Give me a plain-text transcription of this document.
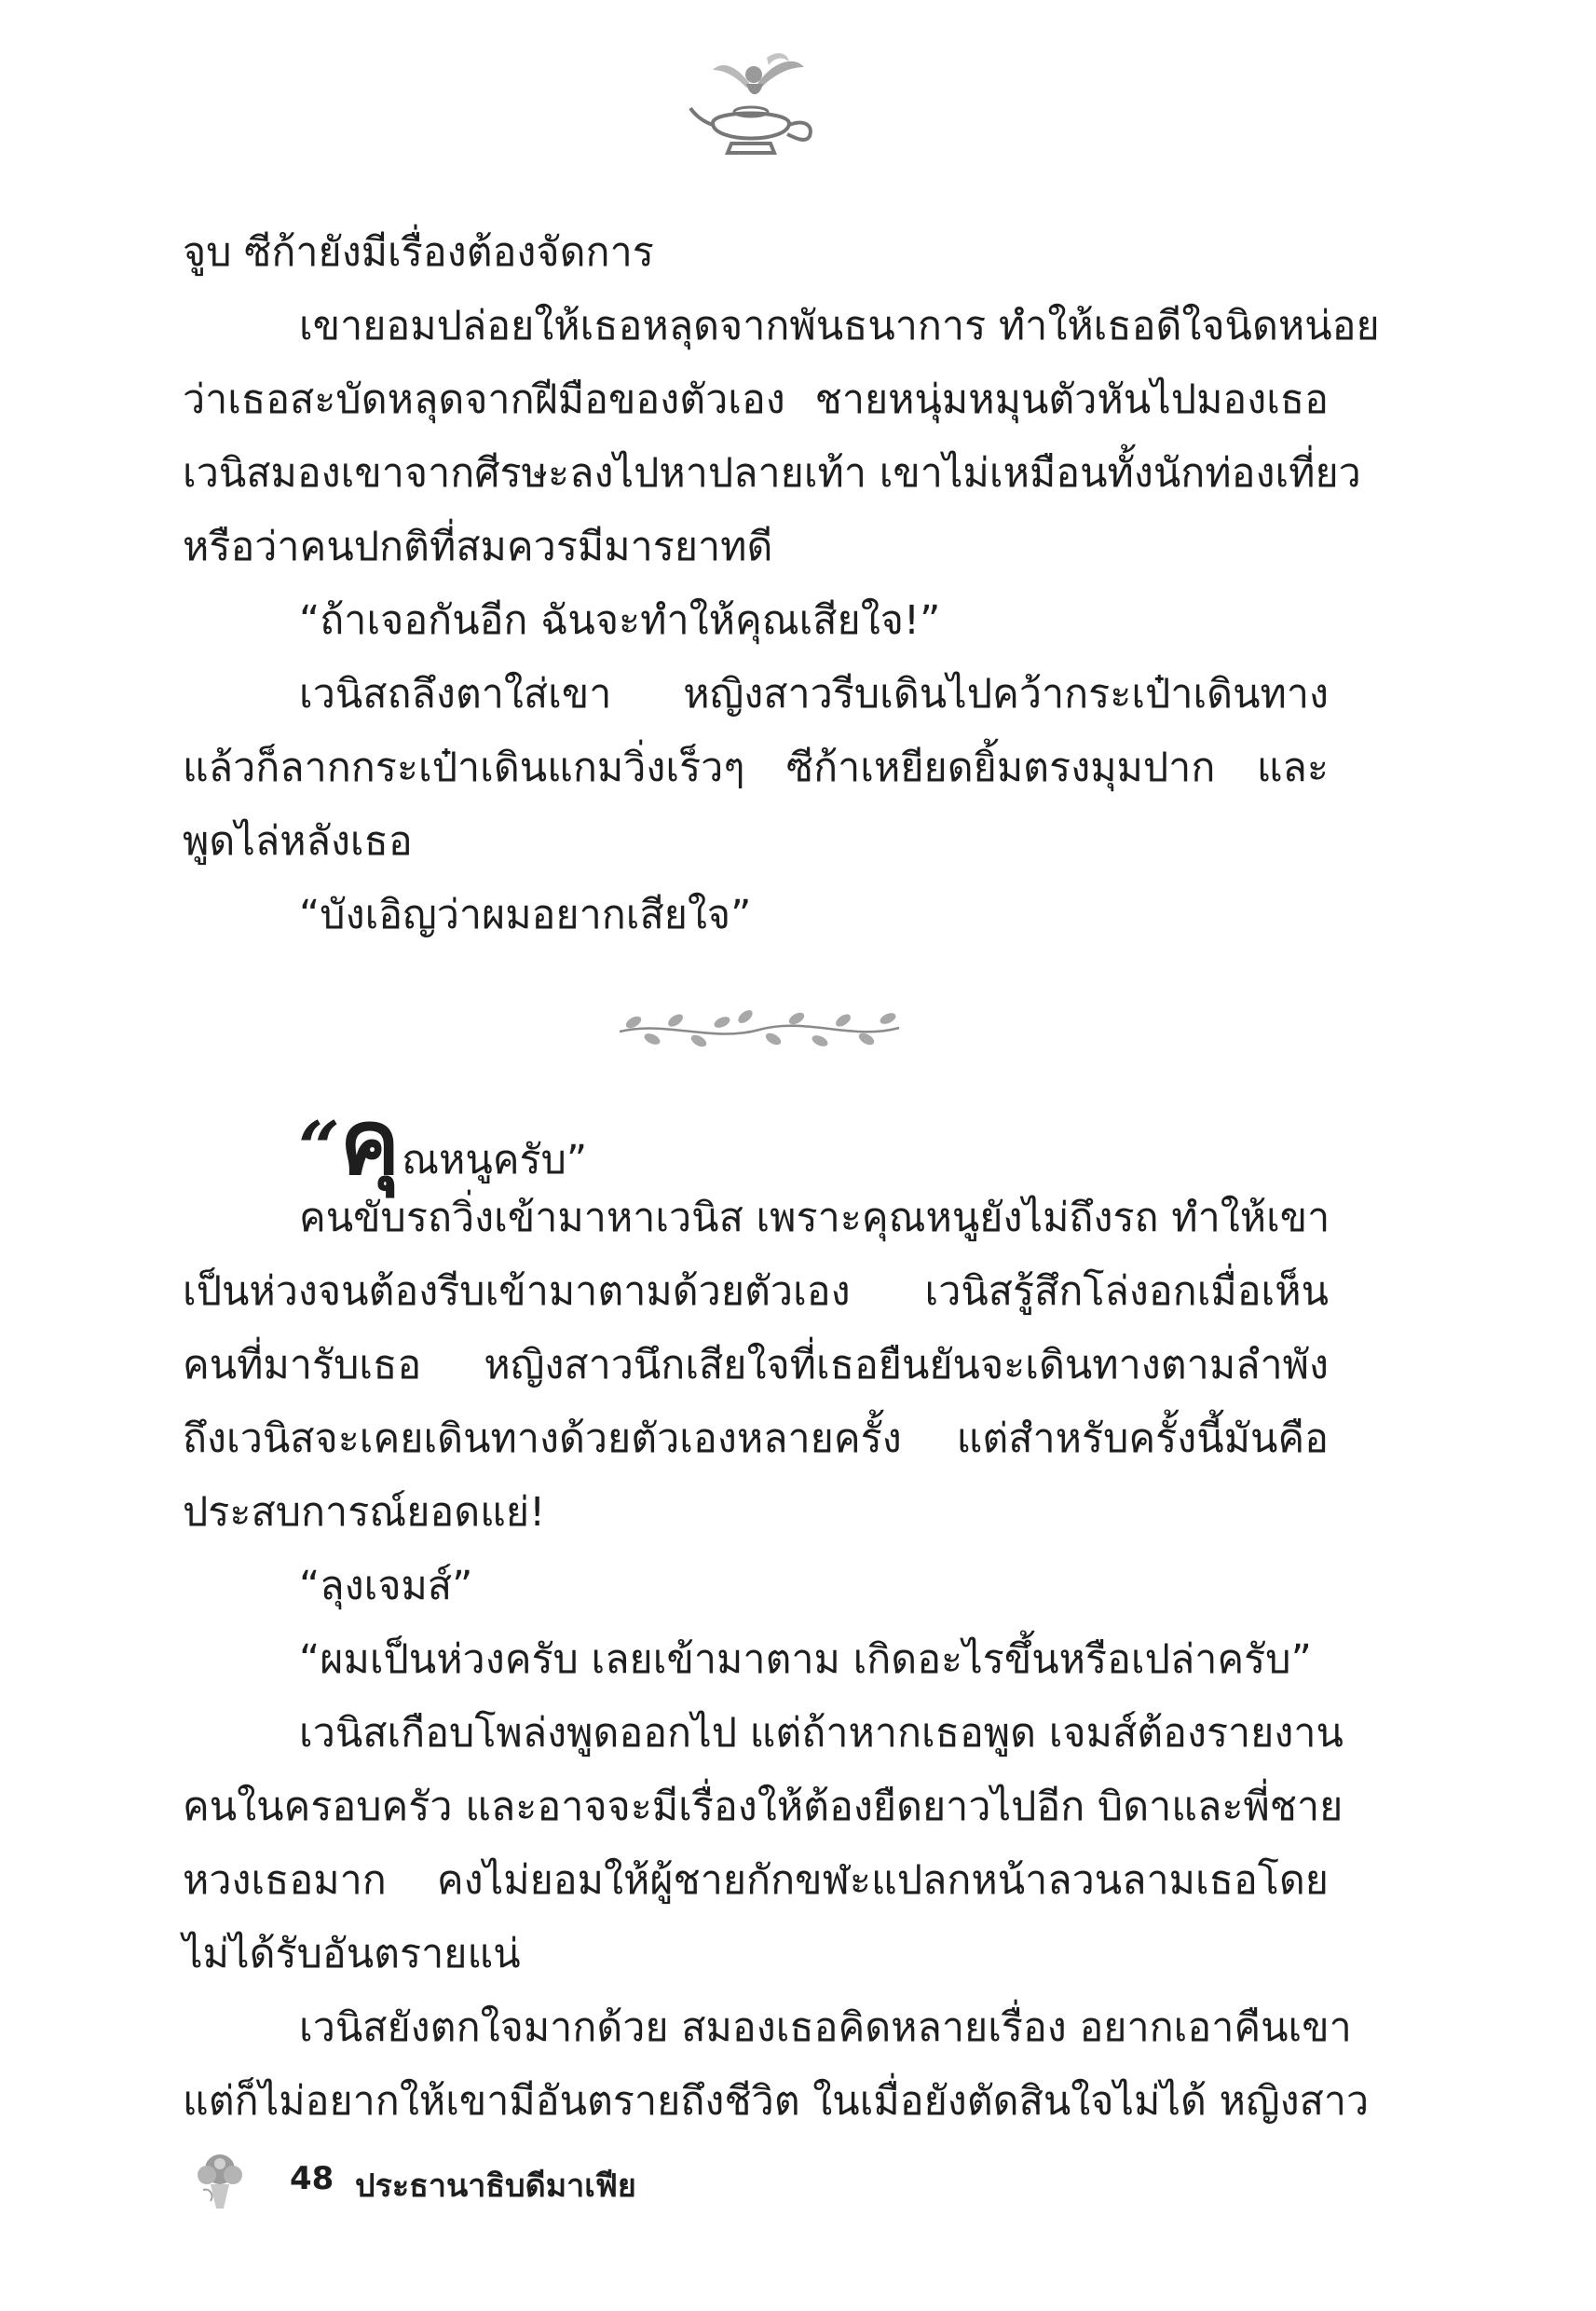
จูบ ซีก้ายังมีเรื่องต้องจัดการ
เขายอมปล่อยให้เธอหลุดจากพันธนาการ ทำให้เธอดีใจนิดหน่อย
ว่าเธอสะบัดหลุดจากฝีมือของตัวเอง ชายหนุ่มหมุนตัวหันไปมองเธอ
เวนิสมองเขาจากศีรษะลงไปหาปลายเท้า เขาไม่เหมือนทั้งนักท่องเที่ยว
หรือว่าคนปกติที่สมควรมีมารยาทดี
“ถ้าเจอกันอีก ฉันจะทำให้คุณเสียใจ!”
เวนิสถลึงตาใส่เขา หญิงสาวรีบเดินไปคว้ากระเป๋าเดินทาง
แล้วก็ลากกระเป๋าเดินแกมวิ่งเร็วๆ ซีก้าเหยียดยิ้มตรงมุมปาก และ
พูดไล่หลังเธอ
“บังเอิญว่าผมอยากเสียใจ”
“คุณหนูครับ”
คนขับรถวิ่งเข้ามาหาเวนิส เพราะคุณหนูยังไม่ถึงรถ ทำให้เขา
เป็นห่วงจนต้องรีบเข้ามาตามด้วยตัวเอง เวนิสรู้สึกโล่งอกเมื่อเห็น
คนที่มารับเธอ หญิงสาวนึกเสียใจที่เธอยืนยันจะเดินทางตามลำพัง
ถึงเวนิสจะเคยเดินทางด้วยตัวเองหลายครั้ง แต่สำหรับครั้งนี้มันคือ
ประสบการณ์ยอดแย่!
“ลุงเจมส์”
“ผมเป็นห่วงครับ เลยเข้ามาตาม เกิดอะไรขึ้นหรือเปล่าครับ”
เวนิสเกือบโพล่งพูดออกไป แต่ถ้าหากเธอพูด เจมส์ต้องรายงาน
คนในครอบครัว และอาจจะมีเรื่องให้ต้องยืดยาวไปอีก บิดาและพี่ชาย
หวงเธอมาก คงไม่ยอมให้ผู้ชายกักขฬะแปลกหน้าลวนลามเธอโดย
ไม่ได้รับอันตรายแน่
เวนิสยังตกใจมากด้วย สมองเธอคิดหลายเรื่อง อยากเอาคืนเขา
แต่ก็ไม่อยากให้เขามีอันตรายถึงชีวิต ในเมื่อยังตัดสินใจไม่ได้ หญิงสาว
48 ประธานาธิบดีมาเฟีย
